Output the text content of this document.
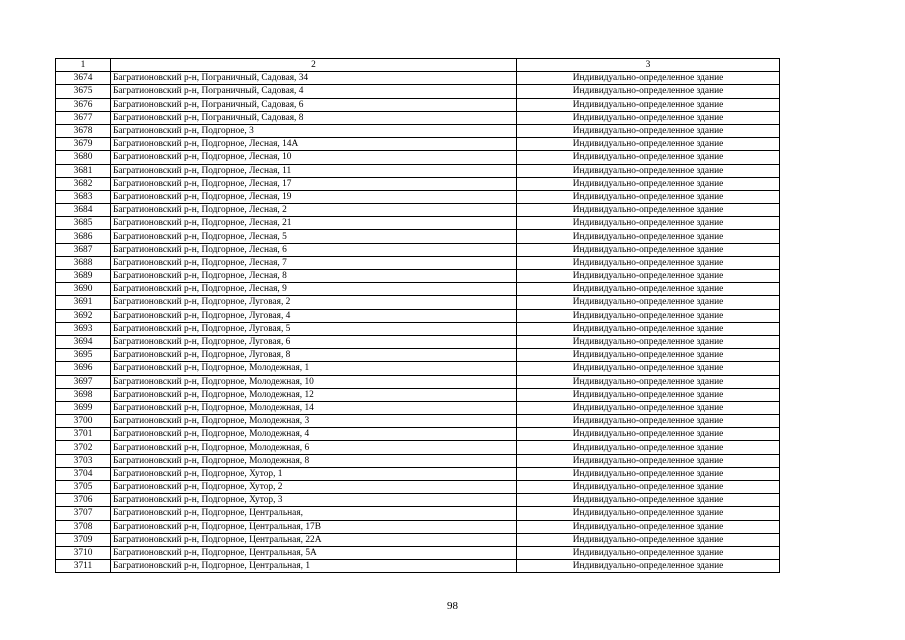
1	2	3
3674	Багратионовский р-н, Пограничный, Садовая, 34	Индивидуально-определенное здание
3675	Багратионовский р-н, Пограничный, Садовая, 4	Индивидуально-определенное здание
3676	Багратионовский р-н, Пограничный, Садовая, 6	Индивидуально-определенное здание
3677	Багратионовский р-н, Пограничный, Садовая, 8	Индивидуально-определенное здание
3678	Багратионовский р-н, Подгорное, 3	Индивидуально-определенное здание
3679	Багратионовский р-н, Подгорное, Лесная, 14А	Индивидуально-определенное здание
3680	Багратионовский р-н, Подгорное, Лесная, 10	Индивидуально-определенное здание
3681	Багратионовский р-н, Подгорное, Лесная, 11	Индивидуально-определенное здание
3682	Багратионовский р-н, Подгорное, Лесная, 17	Индивидуально-определенное здание
3683	Багратионовский р-н, Подгорное, Лесная, 19	Индивидуально-определенное здание
3684	Багратионовский р-н, Подгорное, Лесная, 2	Индивидуально-определенное здание
3685	Багратионовский р-н, Подгорное, Лесная, 21	Индивидуально-определенное здание
3686	Багратионовский р-н, Подгорное, Лесная, 5	Индивидуально-определенное здание
3687	Багратионовский р-н, Подгорное, Лесная, 6	Индивидуально-определенное здание
3688	Багратионовский р-н, Подгорное, Лесная, 7	Индивидуально-определенное здание
3689	Багратионовский р-н, Подгорное, Лесная, 8	Индивидуально-определенное здание
3690	Багратионовский р-н, Подгорное, Лесная, 9	Индивидуально-определенное здание
3691	Багратионовский р-н, Подгорное, Луговая, 2	Индивидуально-определенное здание
3692	Багратионовский р-н, Подгорное, Луговая, 4	Индивидуально-определенное здание
3693	Багратионовский р-н, Подгорное, Луговая, 5	Индивидуально-определенное здание
3694	Багратионовский р-н, Подгорное, Луговая, 6	Индивидуально-определенное здание
3695	Багратионовский р-н, Подгорное, Луговая, 8	Индивидуально-определенное здание
3696	Багратионовский р-н, Подгорное, Молодежная, 1	Индивидуально-определенное здание
3697	Багратионовский р-н, Подгорное, Молодежная, 10	Индивидуально-определенное здание
3698	Багратионовский р-н, Подгорное, Молодежная, 12	Индивидуально-определенное здание
3699	Багратионовский р-н, Подгорное, Молодежная, 14	Индивидуально-определенное здание
3700	Багратионовский р-н, Подгорное, Молодежная, 3	Индивидуально-определенное здание
3701	Багратионовский р-н, Подгорное, Молодежная, 4	Индивидуально-определенное здание
3702	Багратионовский р-н, Подгорное, Молодежная, 6	Индивидуально-определенное здание
3703	Багратионовский р-н, Подгорное, Молодежная, 8	Индивидуально-определенное здание
3704	Багратионовский р-н, Подгорное, Хутор, 1	Индивидуально-определенное здание
3705	Багратионовский р-н, Подгорное, Хутор, 2	Индивидуально-определенное здание
3706	Багратионовский р-н, Подгорное, Хутор, 3	Индивидуально-определенное здание
3707	Багратионовский р-н, Подгорное, Центральная,	Индивидуально-определенное здание
3708	Багратионовский р-н, Подгорное, Центральная, 17В	Индивидуально-определенное здание
3709	Багратионовский р-н, Подгорное, Центральная, 22А	Индивидуально-определенное здание
3710	Багратионовский р-н, Подгорное, Центральная, 5А	Индивидуально-определенное здание
3711	Багратионовский р-н, Подгорное, Центральная, 1	Индивидуально-определенное здание
98
